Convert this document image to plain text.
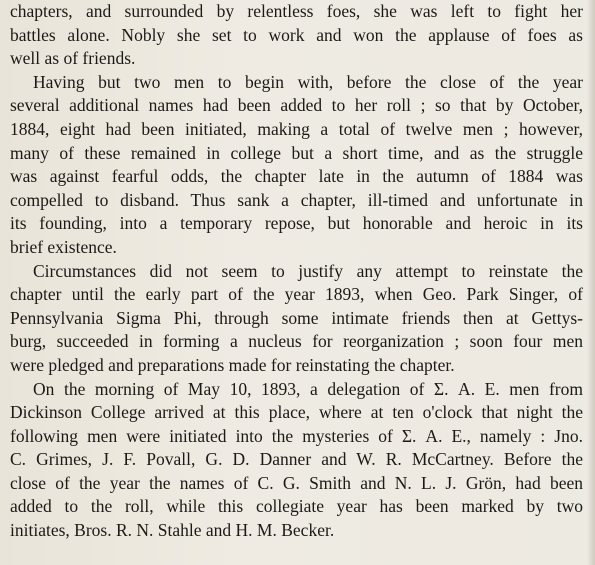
chapters, and surrounded by relentless foes, she was left to fight her
battles alone. Nobly she set to work and won the applause of foes as
well as of friends.
Having but two men to begin with, before the close of the year
several additional names had been added to her roll ; so that by October,
1884, eight had been initiated, making a total of twelve men ; however,
many of these remained in college but a short time, and as the struggle
was against fearful odds, the chapter late in the autumn of 1884 was
compelled to disband. Thus sank a chapter, ill-timed and unfortunate in
its founding, into a temporary repose, but honorable and heroic in its
brief existence.
Circumstances did not seem to justify any attempt to reinstate the
chapter until the early part of the year 1893, when Geo. Park Singer, of
Pennsylvania Sigma Phi, through some intimate friends then at Gettys-
burg, succeeded in forming a nucleus for reorganization ; soon four men
were pledged and preparations made for reinstating the chapter.
On the morning of May 10, 1893, a delegation of Σ. A. E. men from
Dickinson College arrived at this place, where at ten o'clock that night the
following men were initiated into the mysteries of Σ. A. E., namely : Jno.
C. Grimes, J. F. Povall, G. D. Danner and W. R. McCartney. Before the
close of the year the names of C. G. Smith and N. L. J. Grön, had been
added to the roll, while this collegiate year has been marked by two
initiates, Bros. R. N. Stahle and H. M. Becker.
